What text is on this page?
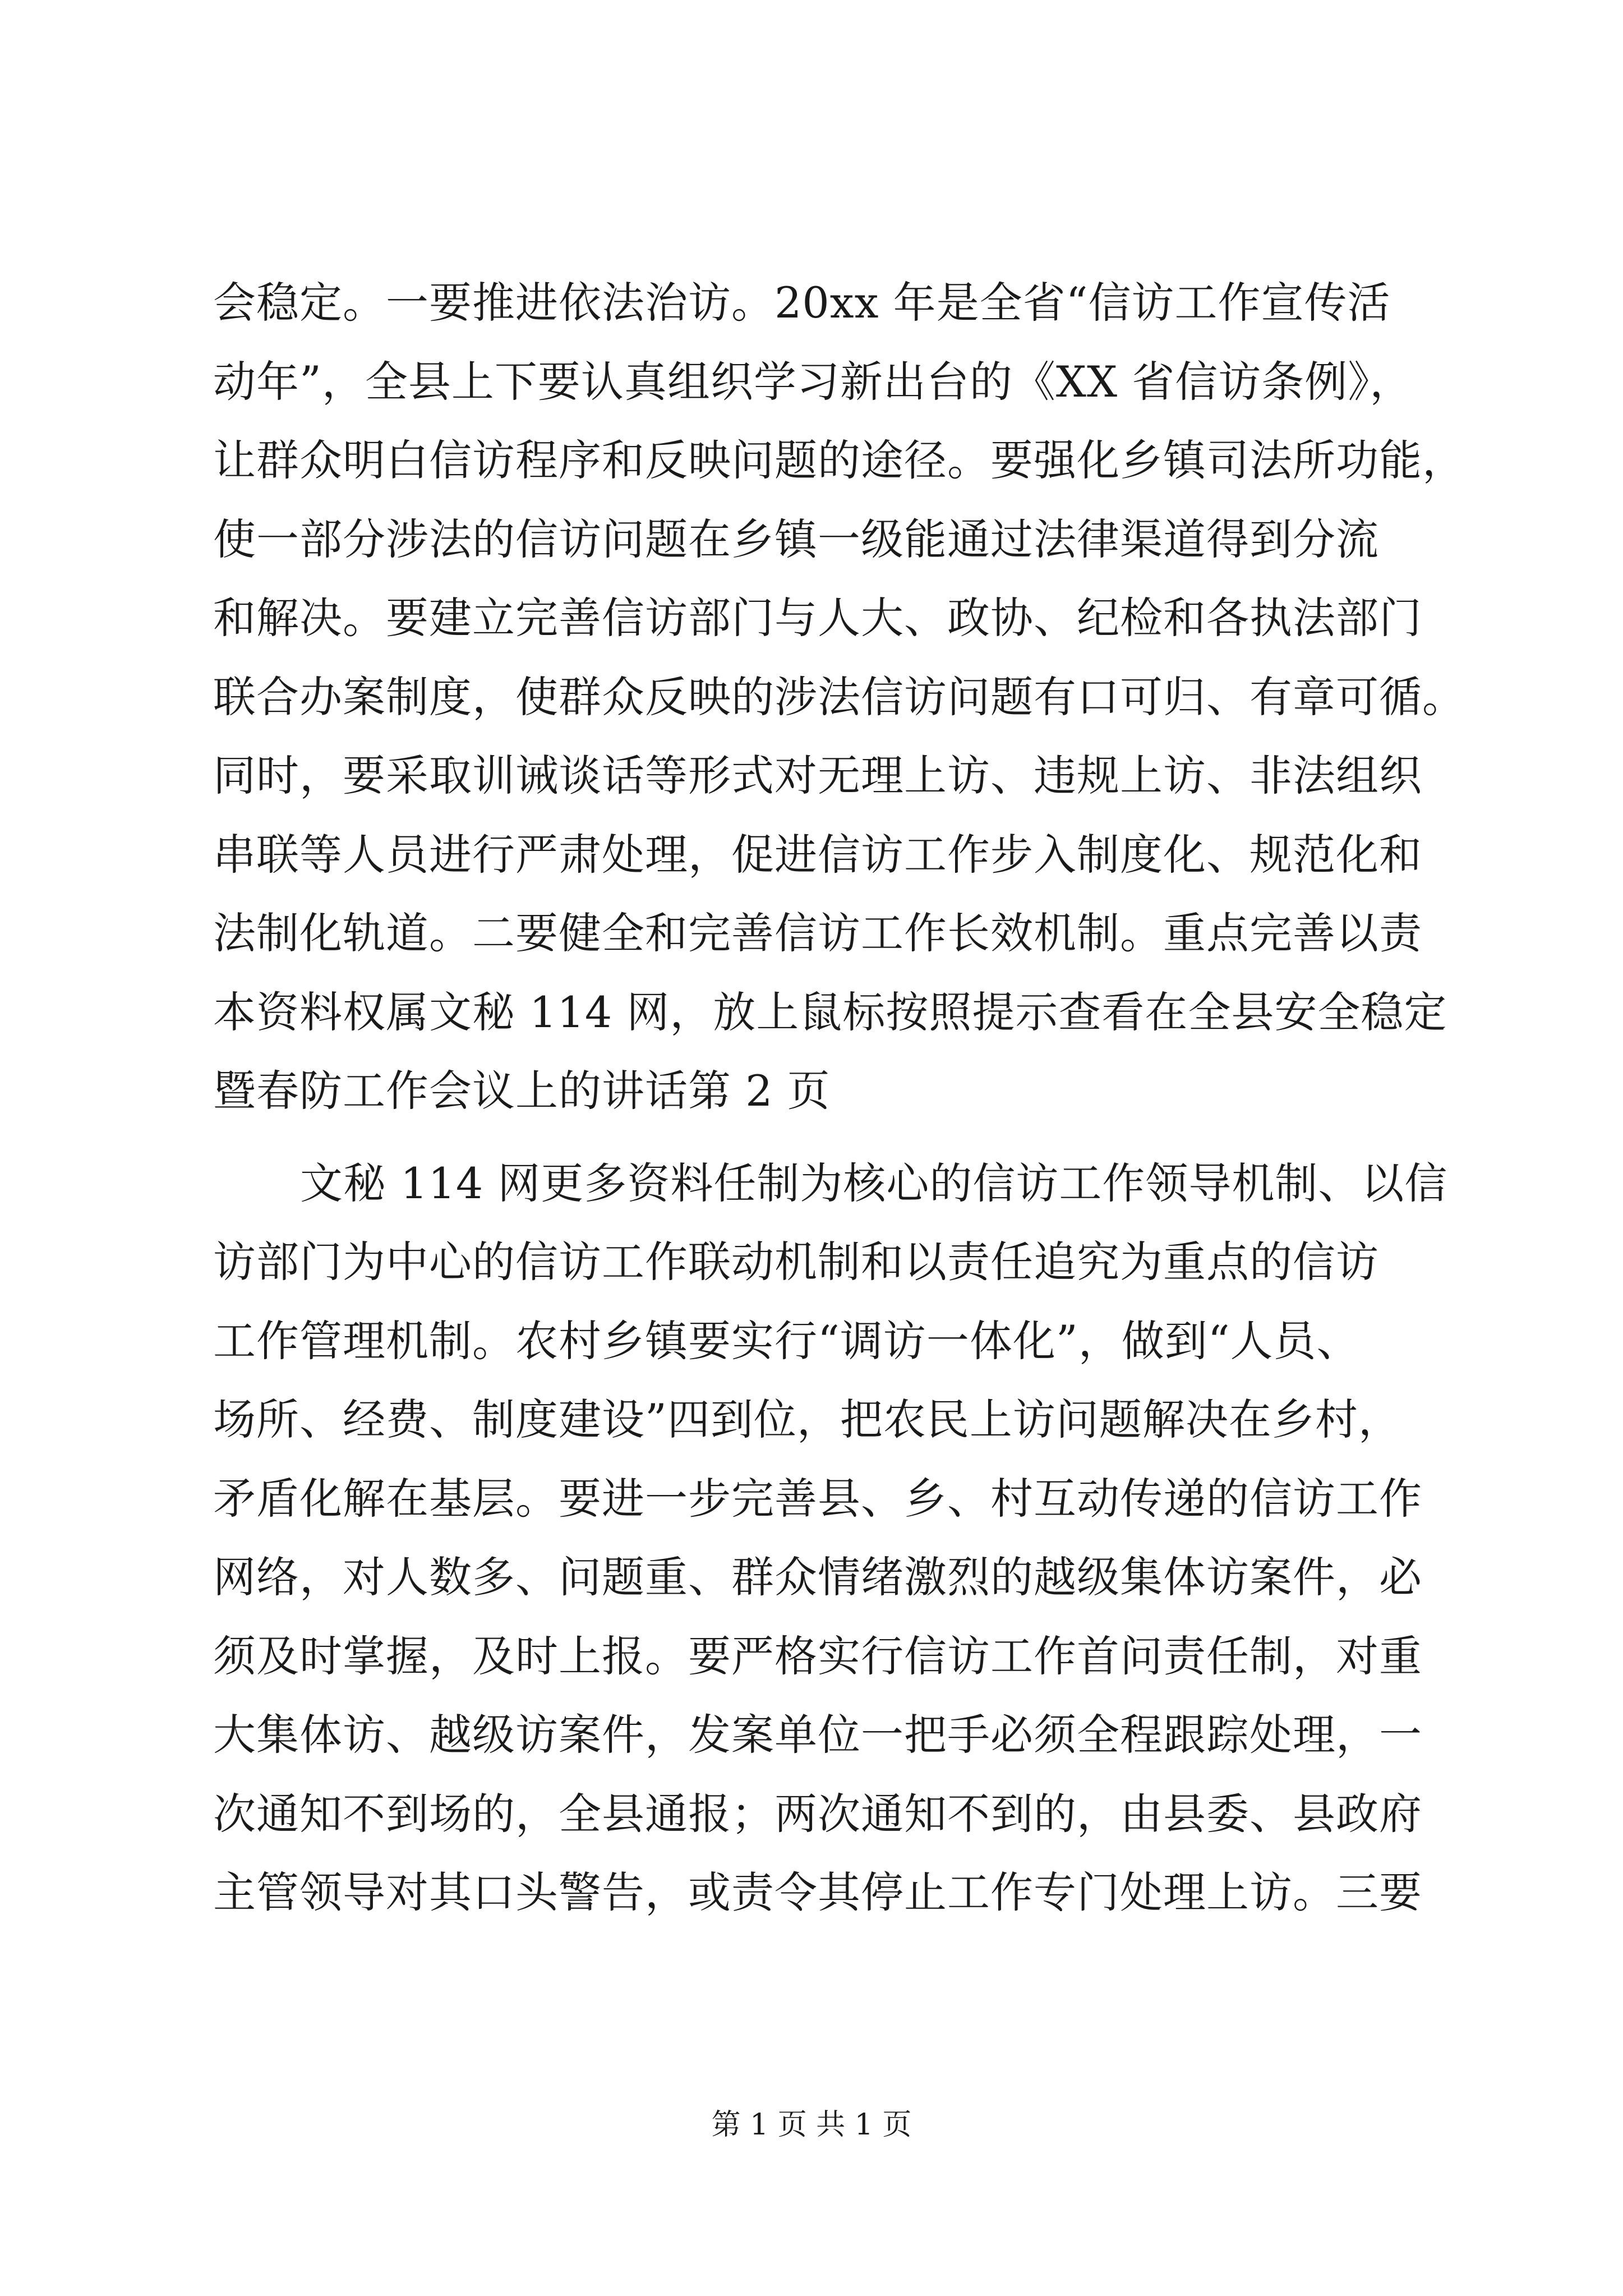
会稳定。一要推进依法治访。20xx 年是全省“信访工作宣传活
动年”，全县上下要认真组织学习新出台的《XX 省信访条例》，
让群众明白信访程序和反映问题的途径。要强化乡镇司法所功能，
使一部分涉法的信访问题在乡镇一级能通过法律渠道得到分流
和解决。要建立完善信访部门与人大、政协、纪检和各执法部门
联合办案制度，使群众反映的涉法信访问题有口可归、有章可循。
同时，要采取训诫谈话等形式对无理上访、违规上访、非法组织
串联等人员进行严肃处理，促进信访工作步入制度化、规范化和
法制化轨道。二要健全和完善信访工作长效机制。重点完善以责
本资料权属文秘 114 网，放上鼠标按照提示查看在全县安全稳定
暨春防工作会议上的讲话第 2 页
文秘 114 网更多资料任制为核心的信访工作领导机制、以信
访部门为中心的信访工作联动机制和以责任追究为重点的信访
工作管理机制。农村乡镇要实行“调访一体化”，做到“人员、
场所、经费、制度建设”四到位，把农民上访问题解决在乡村，
矛盾化解在基层。要进一步完善县、乡、村互动传递的信访工作
网络，对人数多、问题重、群众情绪激烈的越级集体访案件，必
须及时掌握，及时上报。要严格实行信访工作首问责任制，对重
大集体访、越级访案件，发案单位一把手必须全程跟踪处理，一
次通知不到场的，全县通报；两次通知不到的，由县委、县政府
主管领导对其口头警告，或责令其停止工作专门处理上访。三要
第 1 页 共 1 页
